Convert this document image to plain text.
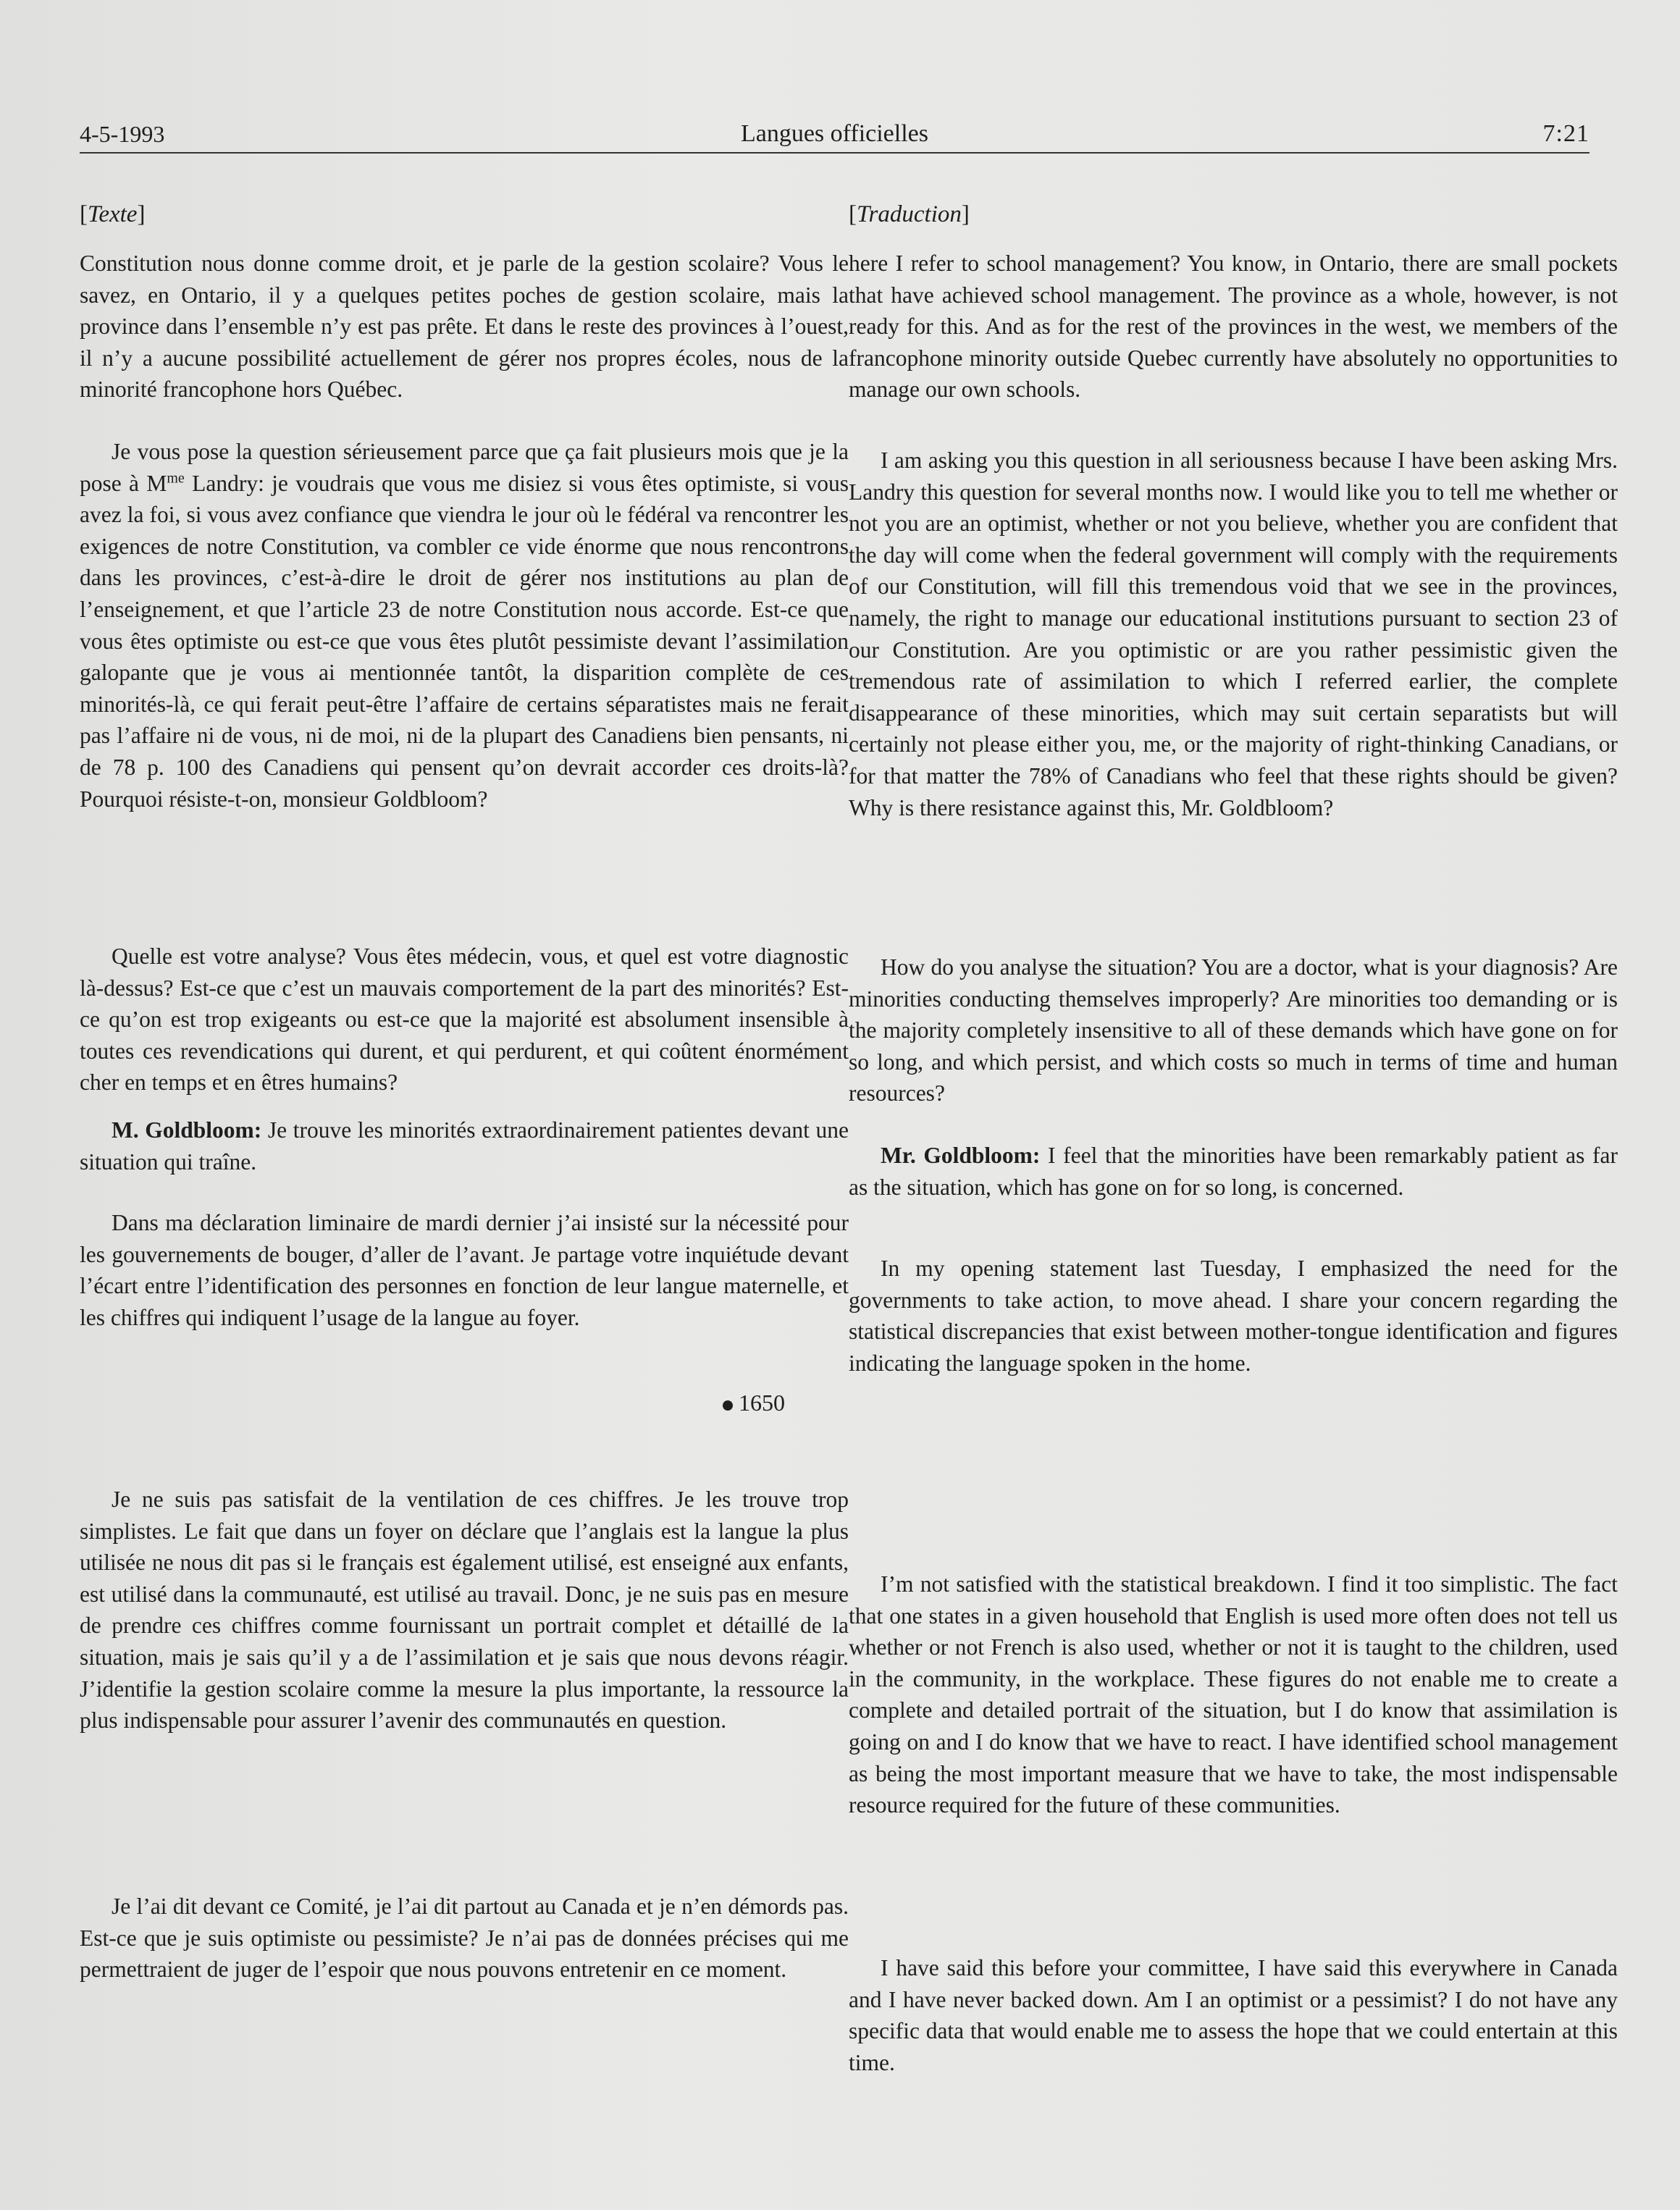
4-5-1993	Langues officielles	7:21
[Texte]

Constitution nous donne comme droit, et je parle de la gestion scolaire? Vous le savez, en Ontario, il y a quelques petites poches de gestion scolaire, mais la province dans l’ensemble n’y est pas prête. Et dans le reste des provinces à l’ouest, il n’y a aucune possibilité actuellement de gérer nos propres écoles, nous de la minorité francophone hors Québec.

Je vous pose la question sérieusement parce que ça fait plusieurs mois que je la pose à $M^{me}$ Landry: je voudrais que vous me disiez si vous êtes optimiste, si vous avez la foi, si vous avez confiance que viendra le jour où le fédéral va rencontrer les exigences de notre Constitution, va combler ce vide énorme que nous rencontrons dans les provinces, c’est-à-dire le droit de gérer nos institutions au plan de l’enseignement, et que l’article 23 de notre Constitution nous accorde. Est-ce que vous êtes optimiste ou est-ce que vous êtes plutôt pessimiste devant l’assimilation galopante que je vous ai mentionnée tantôt, la disparition complète de ces minorités-là, ce qui ferait peut-être l’affaire de certains séparatistes mais ne ferait pas l’affaire ni de vous, ni de moi, ni de la plupart des Canadiens bien pensants, ni de 78 p. 100 des Canadiens qui pensent qu’on devrait accorder ces droits-là? Pourquoi résiste-t-on, monsieur Goldbloom?

Quelle est votre analyse? Vous êtes médecin, vous, et quel est votre diagnostic là-dessus? Est-ce que c’est un mauvais comportement de la part des minorités? Est-ce qu’on est trop exigeants ou est-ce que la majorité est absolument insensible à toutes ces revendications qui durent, et qui perdurent, et qui coûtent énormément cher en temps et en êtres humains?

M. Goldbloom: Je trouve les minorités extraordinairement patientes devant une situation qui traîne.

Dans ma déclaration liminaire de mardi dernier j’ai insisté sur la nécessité pour les gouvernements de bouger, d’aller de l’avant. Je partage votre inquiétude devant l’écart entre l’identification des personnes en fonction de leur langue maternelle, et les chiffres qui indiquent l’usage de la langue au foyer.

1650

Je ne suis pas satisfait de la ventilation de ces chiffres. Je les trouve trop simplistes. Le fait que dans un foyer on déclare que l’anglais est la langue la plus utilisée ne nous dit pas si le français est également utilisé, est enseigné aux enfants, est utilisé dans la communauté, est utilisé au travail. Donc, je ne suis pas en mesure de prendre ces chiffres comme fournissant un portrait complet et détaillé de la situation, mais je sais qu’il y a de l’assimilation et je sais que nous devons réagir. J’identifie la gestion scolaire comme la mesure la plus importante, la ressource la plus indispensable pour assurer l’avenir des communautés en question.

Je l’ai dit devant ce Comité, je l’ai dit partout au Canada et je n’en démords pas. Est-ce que je suis optimiste ou pessimiste? Je n’ai pas de données précises qui me permettraient de juger de l’espoir que nous pouvons entretenir en ce moment.

[Traduction]

here I refer to school management? You know, in Ontario, there are small pockets that have achieved school management. The province as a whole, however, is not ready for this. And as for the rest of the provinces in the west, we members of the francophone minority outside Quebec currently have absolutely no opportunities to manage our own schools.

I am asking you this question in all seriousness because I have been asking Mrs. Landry this question for several months now. I would like you to tell me whether or not you are an optimist, whether or not you believe, whether you are confident that the day will come when the federal government will comply with the requirements of our Constitution, will fill this tremendous void that we see in the provinces, namely, the right to manage our educational institutions pursuant to section 23 of our Constitution. Are you optimistic or are you rather pessimistic given the tremendous rate of assimilation to which I referred earlier, the complete disappearance of these minorities, which may suit certain separatists but will certainly not please either you, me, or the majority of right-thinking Canadians, or for that matter the 78% of Canadians who feel that these rights should be given? Why is there resistance against this, Mr. Goldbloom?

How do you analyse the situation? You are a doctor, what is your diagnosis? Are minorities conducting themselves improperly? Are minorities too demanding or is the majority completely insensitive to all of these demands which have gone on for so long, and which persist, and which costs so much in terms of time and human resources?

Mr. Goldbloom: I feel that the minorities have been remarkably patient as far as the situation, which has gone on for so long, is concerned.

In my opening statement last Tuesday, I emphasized the need for the governments to take action, to move ahead. I share your concern regarding the statistical discrepancies that exist between mother-tongue identification and figures indicating the language spoken in the home.

I’m not satisfied with the statistical breakdown. I find it too simplistic. The fact that one states in a given household that English is used more often does not tell us whether or not French is also used, whether or not it is taught to the children, used in the community, in the workplace. These figures do not enable me to create a complete and detailed portrait of the situation, but I do know that assimilation is going on and I do know that we have to react. I have identified school management as being the most important measure that we have to take, the most indispensable resource required for the future of these communities.

I have said this before your committee, I have said this everywhere in Canada and I have never backed down. Am I an optimist or a pessimist? I do not have any specific data that would enable me to assess the hope that we could entertain at this time.
